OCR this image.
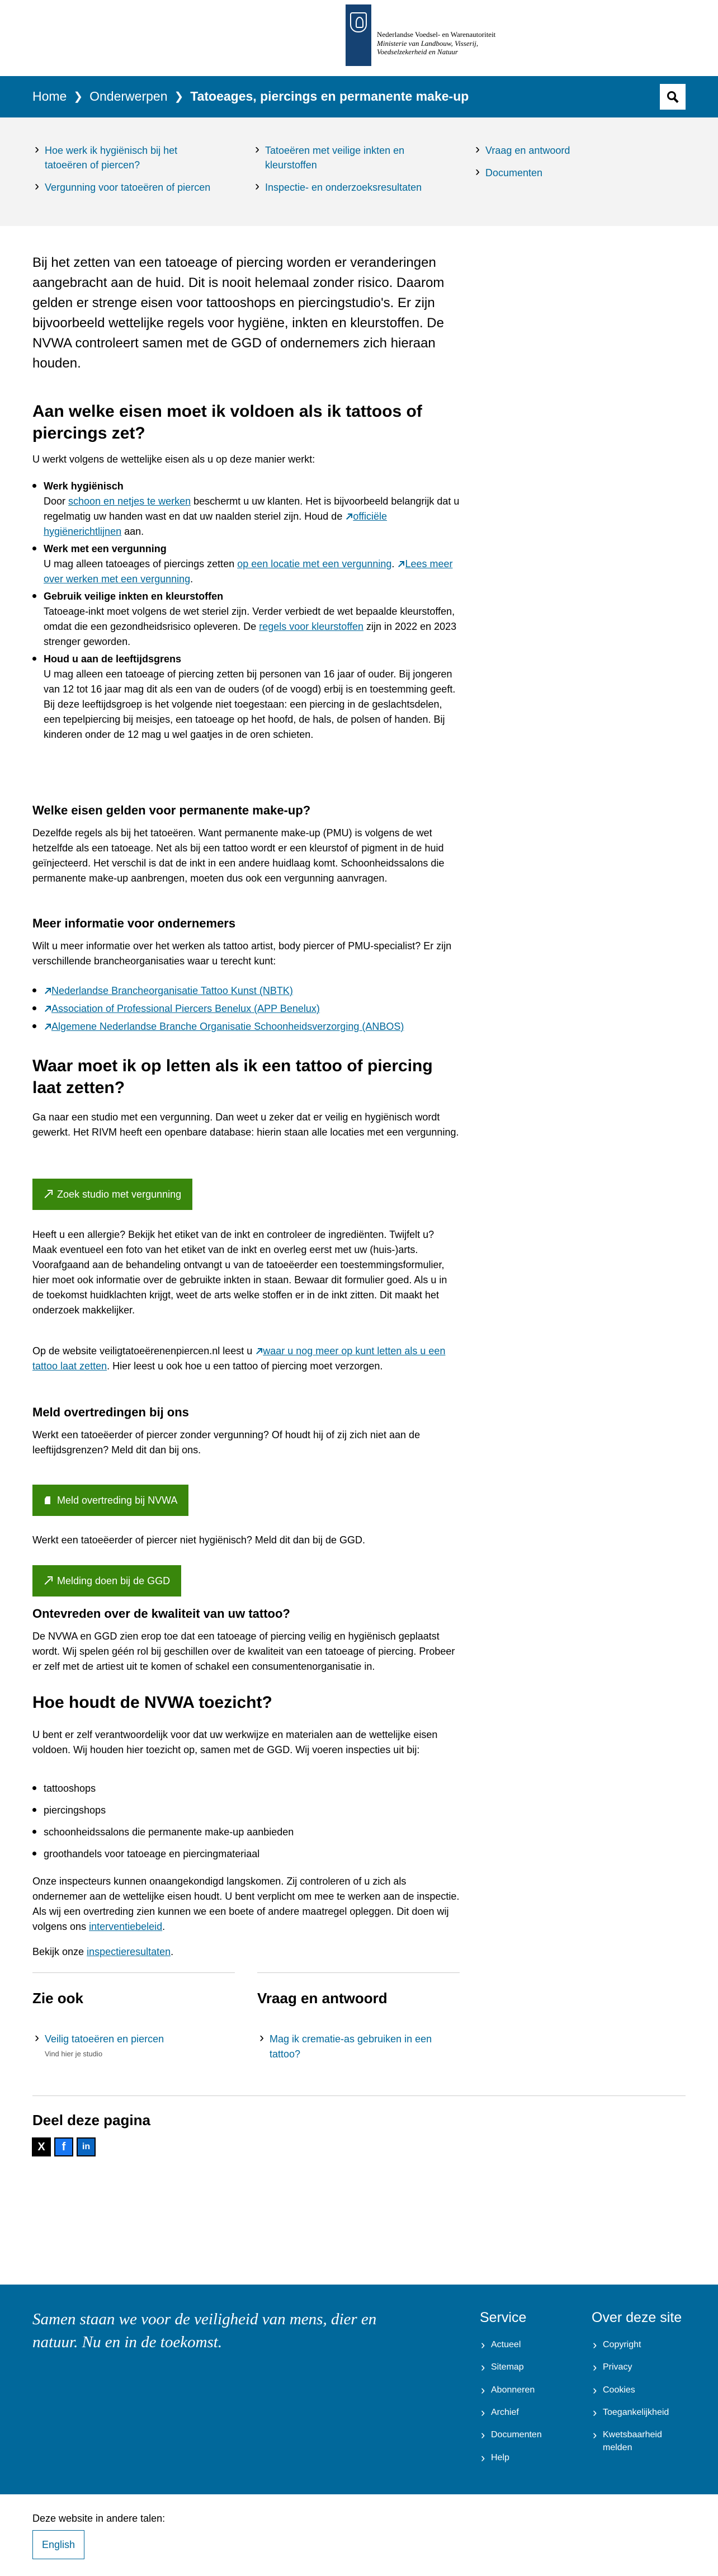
Nederlandse Voedsel- en Warenautoriteit
Ministerie van Landbouw, Visserij, Voedselzekerheid en Natuur
Home ❯ Onderwerpen ❯ Tatoeages, piercings en permanente make-up
› Hoe werk ik hygiënisch bij het tatoeëren of piercen?
› Vergunning voor tatoeëren of piercen
› Tatoeëren met veilige inkten en kleurstoffen
› Inspectie- en onderzoeksresultaten
› Vraag en antwoord
› Documenten

Bij het zetten van een tatoeage of piercing worden er veranderingen aangebracht aan de huid. Dit is nooit helemaal zonder risico. Daarom gelden er strenge eisen voor tattooshops en piercingstudio's. Er zijn bijvoorbeeld wettelijke regels voor hygiëne, inkten en kleurstoffen. De NVWA controleert samen met de GGD of ondernemers zich hieraan houden.

Aan welke eisen moet ik voldoen als ik tattoos of piercings zet?

U werkt volgens de wettelijke eisen als u op deze manier werkt:

Werk hygiënisch
Door schoon en netjes te werken beschermt u uw klanten. Het is bijvoorbeeld belangrijk dat u regelmatig uw handen wast en dat uw naalden steriel zijn. Houd de officiële hygiënerichtlijnen aan.
Werk met een vergunning
U mag alleen tatoeages of piercings zetten op een locatie met een vergunning. Lees meer over werken met een vergunning.
Gebruik veilige inkten en kleurstoffen
Tatoeage-inkt moet volgens de wet steriel zijn. Verder verbiedt de wet bepaalde kleurstoffen, omdat die een gezondheidsrisico opleveren. De regels voor kleurstoffen zijn in 2022 en 2023 strenger geworden.
Houd u aan de leeftijdsgrens
U mag alleen een tatoeage of piercing zetten bij personen van 16 jaar of ouder. Bij jongeren van 12 tot 16 jaar mag dit als een van de ouders (of de voogd) erbij is en toestemming geeft. Bij deze leeftijdsgroep is het volgende niet toegestaan: een piercing in de geslachtsdelen, een tepelpiercing bij meisjes, een tatoeage op het hoofd, de hals, de polsen of handen. Bij kinderen onder de 12 mag u wel gaatjes in de oren schieten.
Welke eisen gelden voor permanente make-up?

Dezelfde regels als bij het tatoeëren. Want permanente make-up (PMU) is volgens de wet hetzelfde als een tatoeage. Net als bij een tattoo wordt er een kleurstof of pigment in de huid geïnjecteerd. Het verschil is dat de inkt in een andere huidlaag komt. Schoonheidssalons die permanente make-up aanbrengen, moeten dus ook een vergunning aanvragen.

Meer informatie voor ondernemers

Wilt u meer informatie over het werken als tattoo artist, body piercer of PMU-specialist? Er zijn verschillende brancheorganisaties waar u terecht kunt:

Nederlandse Brancheorganisatie Tattoo Kunst (NBTK)
Association of Professional Piercers Benelux (APP Benelux)
Algemene Nederlandse Branche Organisatie Schoonheidsverzorging (ANBOS)
Waar moet ik op letten als ik een tattoo of piercing laat zetten?

Ga naar een studio met een vergunning. Dan weet u zeker dat er veilig en hygiënisch wordt gewerkt. Het RIVM heeft een openbare database: hierin staan alle locaties met een vergunning.

Zoek studio met vergunning

Heeft u een allergie? Bekijk het etiket van de inkt en controleer de ingrediënten. Twijfelt u? Maak eventueel een foto van het etiket van de inkt en overleg eerst met uw (huis-)arts. Voorafgaand aan de behandeling ontvangt u van de tatoeëerder een toestemmingsformulier, hier moet ook informatie over de gebruikte inkten in staan. Bewaar dit formulier goed. Als u in de toekomst huidklachten krijgt, weet de arts welke stoffen er in de inkt zitten. Dit maakt het onderzoek makkelijker.

Op de website veiligtatoeërenenpiercen.nl leest u waar u nog meer op kunt letten als u een tattoo laat zetten. Hier leest u ook hoe u een tattoo of piercing moet verzorgen.

Meld overtredingen bij ons

Werkt een tatoeëerder of piercer zonder vergunning? Of houdt hij of zij zich niet aan de leeftijdsgrenzen? Meld dit dan bij ons.

Meld overtreding bij NVWA

Werkt een tatoeëerder of piercer niet hygiënisch? Meld dit dan bij de GGD.

Melding doen bij de GGD
Ontevreden over de kwaliteit van uw tattoo?

De NVWA en GGD zien erop toe dat een tatoeage of piercing veilig en hygiënisch geplaatst wordt. Wij spelen géén rol bij geschillen over de kwaliteit van een tatoeage of piercing. Probeer er zelf met de artiest uit te komen of schakel een consumentenorganisatie in.

Hoe houdt de NVWA toezicht?

U bent er zelf verantwoordelijk voor dat uw werkwijze en materialen aan de wettelijke eisen voldoen. Wij houden hier toezicht op, samen met de GGD. Wij voeren inspecties uit bij:

tattooshops
piercingshops
schoonheidssalons die permanente make-up aanbieden
groothandels voor tatoeage en piercingmateriaal

Onze inspecteurs kunnen onaangekondigd langskomen. Zij controleren of u zich als ondernemer aan de wettelijke eisen houdt. U bent verplicht om mee te werken aan de inspectie. Als wij een overtreding zien kunnen we een boete of andere maatregel opleggen. Dit doen wij volgens ons interventiebeleid.

Bekijk onze inspectieresultaten.

Zie ook	Vraag en antwoord
› Veilig tatoeëren en piercen
Vind hier je studio
› Mag ik crematie-as gebruiken in een tattoo?
Deel deze pagina
X	f	in
Samen staan we voor de veiligheid van mens, dier en natuur. Nu en in de toekomst.
Service
› Actueel
› Sitemap
› Abonneren
› Archief
› Documenten
› Help
Over deze site
› Copyright
› Privacy
› Cookies
› Toegankelijkheid
› Kwetsbaarheid melden
Deze website in andere talen:
English
